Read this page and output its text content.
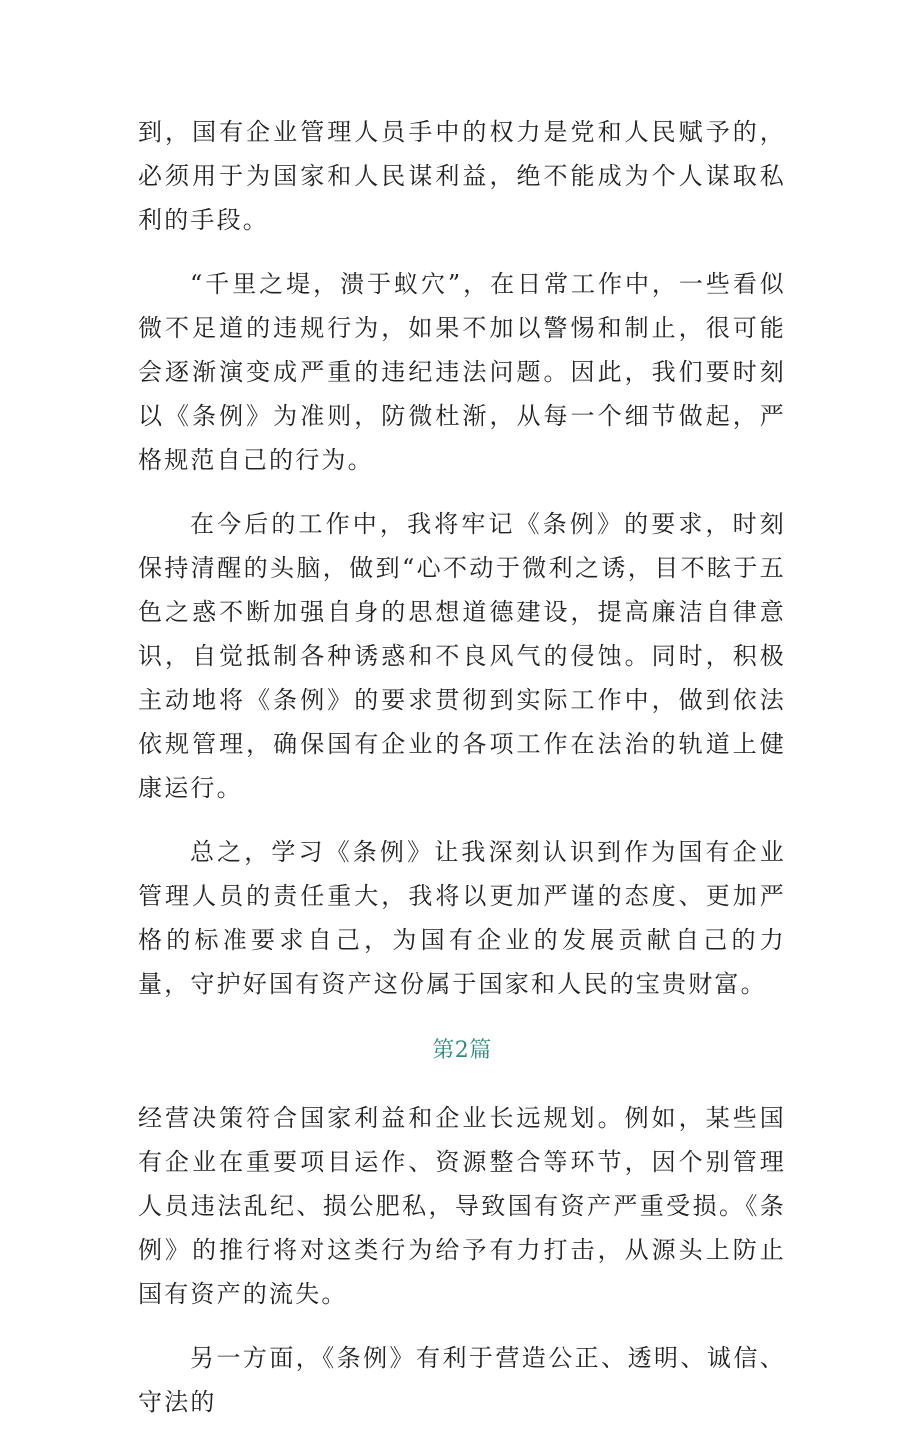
到，国有企业管理人员手中的权力是党和人民赋予的，必须用于为国家和人民谋利益，绝不能成为个人谋取私利的手段。

“千里之堤，溃于蚁穴”，在日常工作中，一些看似微不足道的违规行为，如果不加以警惕和制止，很可能会逐渐演变成严重的违纪违法问题。因此，我们要时刻以《条例》为准则，防微杜渐，从每一个细节做起，严格规范自己的行为。

在今后的工作中，我将牢记《条例》的要求，时刻保持清醒的头脑，做到“心不动于微利之诱，目不眩于五色之惑不断加强自身的思想道德建设，提高廉洁自律意识，自觉抵制各种诱惑和不良风气的侵蚀。同时，积极主动地将《条例》的要求贯彻到实际工作中，做到依法依规管理，确保国有企业的各项工作在法治的轨道上健康运行。

总之，学习《条例》让我深刻认识到作为国有企业管理人员的责任重大，我将以更加严谨的态度、更加严格的标准要求自己，为国有企业的发展贡献自己的力量，守护好国有资产这份属于国家和人民的宝贵财富。

第2篇

经营决策符合国家利益和企业长远规划。例如，某些国有企业在重要项目运作、资源整合等环节，因个别管理人员违法乱纪、损公肥私，导致国有资产严重受损。《条例》的推行将对这类行为给予有力打击，从源头上防止国有资产的流失。

另一方面，《条例》有利于营造公正、透明、诚信、守法的
